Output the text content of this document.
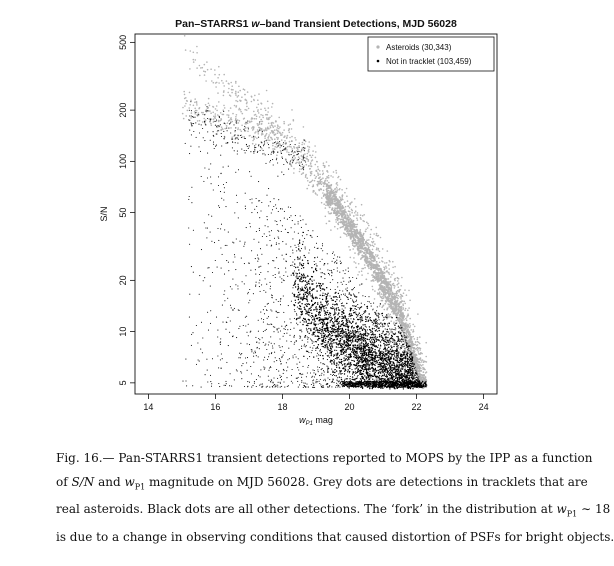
Pan–STARRS1 w–band Transient Detections, MJD 56028
14	16	18	20	22	24
5
10
20
50
100
200
500
$w_{P1}$ mag
S/N
Asteroids (30,343)
Not in tracklet (103,459)
Fig. 16.— Pan-STARRS1 transient detections reported to MOPS by the IPP as a function
of S/N and $w_{P1}$ magnitude on MJD 56028. Grey dots are detections in tracklets that are
real asteroids. Black dots are all other detections. The ‘fork’ in the distribution at $w_{P1}$ ∼ 18
is due to a change in observing conditions that caused distortion of PSFs for bright objects.
